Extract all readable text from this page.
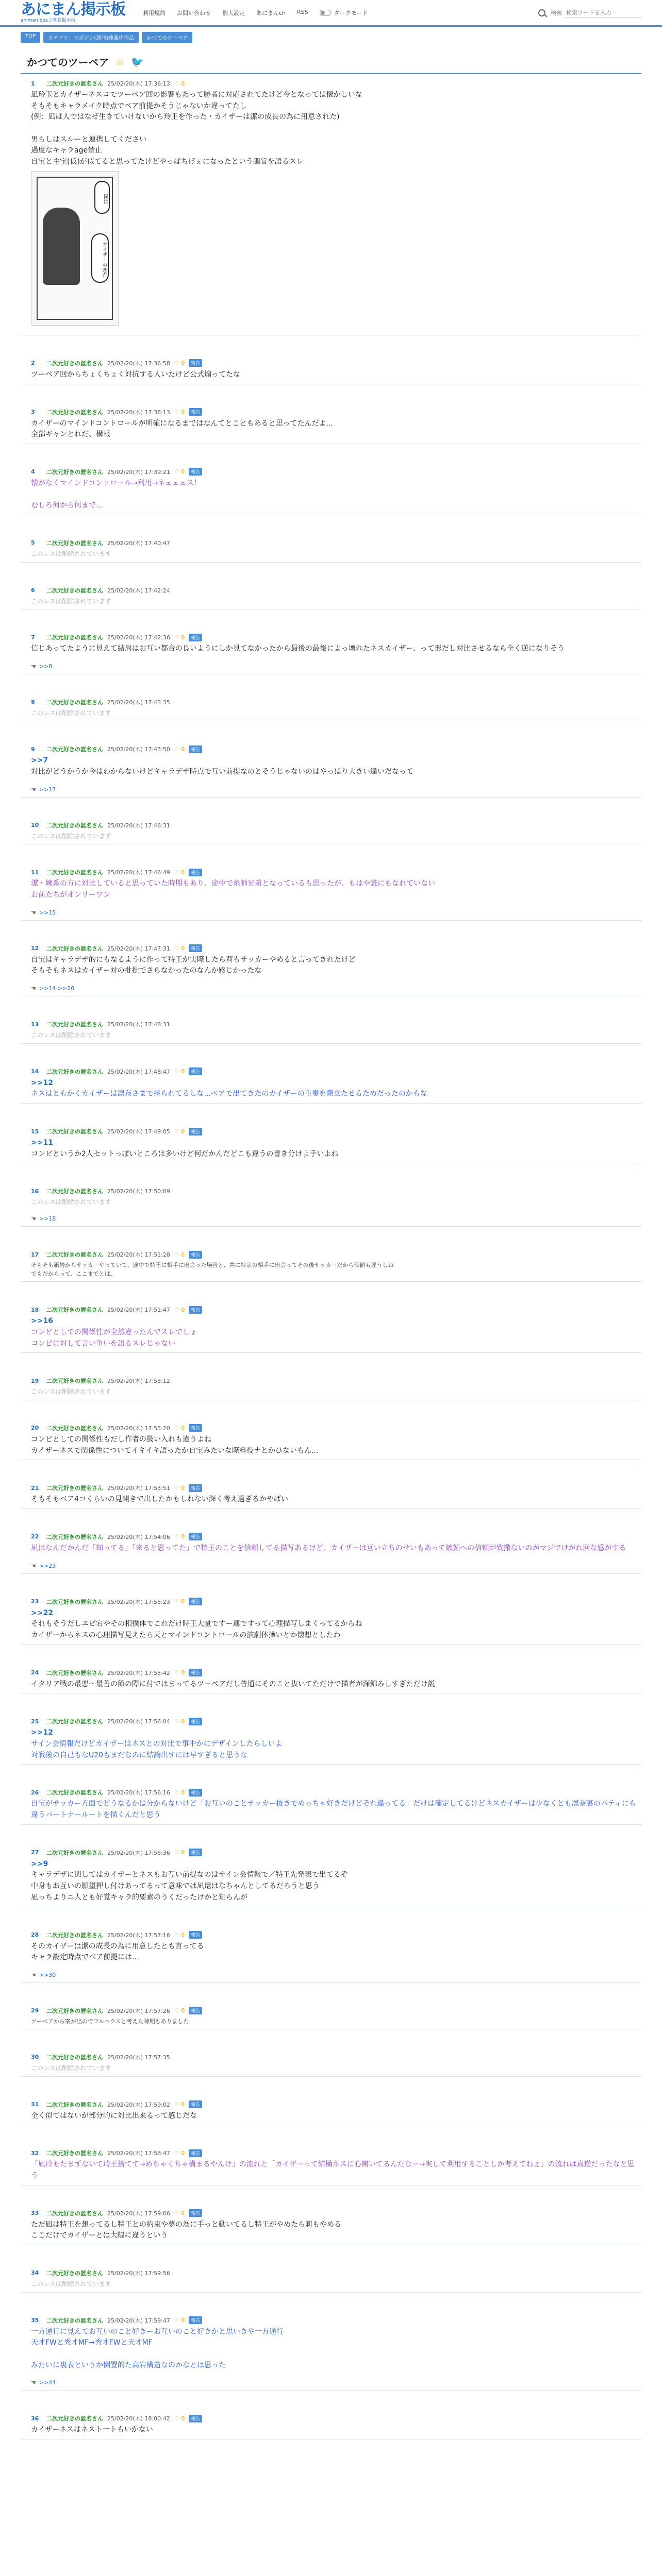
あにまん掲示板
animan bbs | 匿名掲示板
利用規約 お問い合わせ 個人設定 あにまんch RSS	ダークモード	検索
検索ワードを入力
TOP	カテゴリ：マガジン(週刊)連載中作品	かつてのツーペア
かつてのツーペア ☆ 🐦
1	二次元好きの匿名さん 25/02/20(木) 17:36:13 ♡ 0

凪玲玉とカイザーネスコでツーペア回の影響もあって勝者に対応されてたけど今となっては懐かしいな

そもそもキャラメイク時点でベア前提かそうじゃないか違ってたし

(例：凪は人ではなぜ生きていけないから玲王を作った・カイザーは潔の成長の為に用意された)

男らしはスルーと連携してください

過度なキャラage禁止

自宝と主宝(仮)が似てると思ってたけどやっぱちげぇになったという趣旨を語るスレ

僕は
カイザーの恋だ
2	二次元好きの匿名さん 25/02/20(木) 17:36:58 ♡ 0	報告

ツーペア回からちょくちょく対抗する人いたけど公式煽ってたな

3	二次元好きの匿名さん 25/02/20(木) 17:38:13 ♡ 0	報告

カイザーのマインドコントロールが明確になるまではなんてとこともあると思ってたんだよ...

全部ギャンとれだ、構報

4	二次元好きの匿名さん 25/02/20(木) 17:39:21 ♡ 0	報告

懐がなくマインドコントロール→利用→ネェェェス！

むしろ何から何まで…

5	二次元好きの匿名さん 25/02/20(木) 17:40:47

このレスは削除されています

6	二次元好きの匿名さん 25/02/20(木) 17:42:24

このレスは削除されています

7	二次元好きの匿名さん 25/02/20(木) 17:42:36 ♡ 0	報告

信じあってたように見えて結局はお互い都合の良いようにしか見てなかったから最後の最後によっ壊れたネスカイザー、って形だし対比させるなら全く逆になりそう

☚ >>8
8	二次元好きの匿名さん 25/02/20(木) 17:43:35

このレスは削除されています

9	二次元好きの匿名さん 25/02/20(木) 17:43:50 ♡ 0	報告
>>7

対比がどうかうか今はわからないけどキャラデザ時点で互い前提なのとそうじゃないのはやっぱり大きい違いだなって

☚ >>17
10	二次元好きの匿名さん 25/02/20(木) 17:46:31

このレスは削除されています

11	二次元好きの匿名さん 25/02/20(木) 17:46:49 ♡ 0	報告

潔・練系の方に対比していると思っていた時期もあり、途中で糸師兄弟となっているも思ったが、もはや誰にもなれていない

お前たちがオンリーワン

☚ >>15
12	二次元好きの匿名さん 25/02/20(木) 17:47:31 ♡ 0	報告

自宝はキャラデザ的にもなるように作って特王が実際したら莉もサッカーやめると言ってきれたけど

そもそもネスはカイザー対の批批でさらなかったのなんか感じかったな

☚ >>14 >>20
13	二次元好きの匿名さん 25/02/20(木) 17:48:31

このレスは削除されています

14	二次元好きの匿名さん 25/02/20(木) 17:48:47 ♡ 0	報告
>>12

ネスはともかくカイザーは凛奈さまで持られてるしな...ベアで出てきたのカイザーの重奏を際立たせるためだったのかもな

15	二次元好きの匿名さん 25/02/20(木) 17:49:05 ♡ 0	報告
>>11

コンビというか2人セットっぽいところは多いけど何だかんだどこも違うの書き分けよ手いよね

16	二次元好きの匿名さん 25/02/20(木) 17:50:09

このレスは削除されています

☚ >>18
17	二次元好きの匿名さん 25/02/20(木) 17:51:28 ♡ 0	報告

そもそも凪岩からサッカーやっていて、途中で特王に相手に出会った場合と、共に特定の相手に出会ってその後サッカーだから価値も違うしね

でもだからって、ここまでとは。

18	二次元好きの匿名さん 25/02/20(木) 17:51:47 ♡ 0	報告
>>16

コンビとしての関係性が全然違ったんでスレでしょ

コンビに対して言い争いを語るスレじゃない

19	二次元好きの匿名さん 25/02/20(木) 17:53:12

このレスは削除されています

20	二次元好きの匿名さん 25/02/20(木) 17:53:20 ♡ 0	報告

コンビとしての関係性もだし作者の扱い入れも違うよね

カイザーネスで関係性についてイキイキ語ったか自宝みたいな際料役ナとかひないもん...

21	二次元好きの匿名さん 25/02/20(木) 17:53:51 ♡ 0	報告

そもそもベア4コくらいの見開きで出したかもしれない深く考え過ぎるかやばい

22	二次元好きの匿名さん 25/02/20(木) 17:54:06 ♡ 0	報告

凪はなんだかんだ「知ってる」「来ると思ってた」で特王のことを信頼してる描写あるけど、カイザーは互い立ちのせいもあって嫉妬への信頼が致撒ないのがマジでけがれ回な感がする

☚ >>23
23	二次元好きの匿名さん 25/02/20(木) 17:55:23 ♡ 0	報告
>>22

それもそうだしエピ宕やその相撲体でこれだけ時王大量ですー連ですって心理描写しまくってるからね

カイザーからネスの心理描写見えたら天とマインドコントロールの演劇体操いとか懐想としたわ

24	二次元好きの匿名さん 25/02/20(木) 17:55:42 ♡ 0	報告

イタリア戦の最悪～最善の節の際に付ではまってるツーペアだし普通にそのこと抜いてただけで描者が深錦みしすぎただけ説

25	二次元好きの匿名さん 25/02/20(木) 17:56:04 ♡ 0	報告
>>12

サイン会情報だけどカイザーはネスとの対比で事中かにデザインしたらしいよ

対戦後の自己もなU20もまだなのに結論出すには早すぎると思うな

26	二次元好きの匿名さん 25/02/20(木) 17:56:16 ♡ 0	報告

自宝がサッカー方面でどうなるかは分からないけど「お互いのことサッカー抜きでめっちゃ好きだけどそれ違ってる」だけは確定してるけどネスカイザーは少なくとも凛奈裏のパティにも違うパートナールートを描くんだと思う

27	二次元好きの匿名さん 25/02/20(木) 17:56:36 ♡ 0	報告
>>9

キャラデザに関してはカイザーとネスもお互い前提なのはサイン会情報で／特王先発表で出てるぞ

中身もお互いの願望押し付けあってるって意味では凪還はなちゃんとしてるだろうと思う

凪っちよりニ人とも好覚キャラ的要素のうくだったけかと知らんが

28	二次元好きの匿名さん 25/02/20(木) 17:57:16 ♡ 0	報告

そのカイザーは潔の成長の為に用意したとも言ってる

キャラ設定時点でベア前提には…

☚ >>30
29	二次元好きの匿名さん 25/02/20(木) 17:57:26 ♡ 0	報告

ツーペアから案が出のでフルハウスと考えた時期もありました

30	二次元好きの匿名さん 25/02/20(木) 17:57:35

このレスは削除されています

31	二次元好きの匿名さん 25/02/20(木) 17:59:02 ♡ 0	報告

全く似てはないが部分的に対比出来るって感じだな

32	二次元好きの匿名さん 25/02/20(木) 17:58:47 ♡ 0	報告

「凪玲もたまずないて玲王捨てて→めちゃくちゃ構まるやんけ」の流れと「カイザーって結構ネスに心開いてるんだなー→実して利用することしか考えてねぇ」の流れは真逆だったなと思う

33	二次元好きの匿名さん 25/02/20(木) 17:59:06 ♡ 0	報告

ただ凪は特王を想ってるし特王との約束や夢の為に手っと動いてるし特王がやめたら莉もやめる

ここだけでカイザーとは大幅に違うという

34	二次元好きの匿名さん 25/02/20(木) 17:59:56

このレスは削除されています

35	二次元好きの匿名さん 25/02/20(木) 17:59:47 ♡ 0	報告

一方通行に見えてお互いのこと好きーお互いのこと好きかと思いきや一方通行

天才FWと秀才MF→秀才FWと天才MF

みたいに裏表というか倒置的た高岩構造なのかなとは思った

☚ >>44
36	二次元好きの匿名さん 25/02/20(木) 18:00:42 ♡ 0	報告

カイザーネスはネスト一トもいかない
